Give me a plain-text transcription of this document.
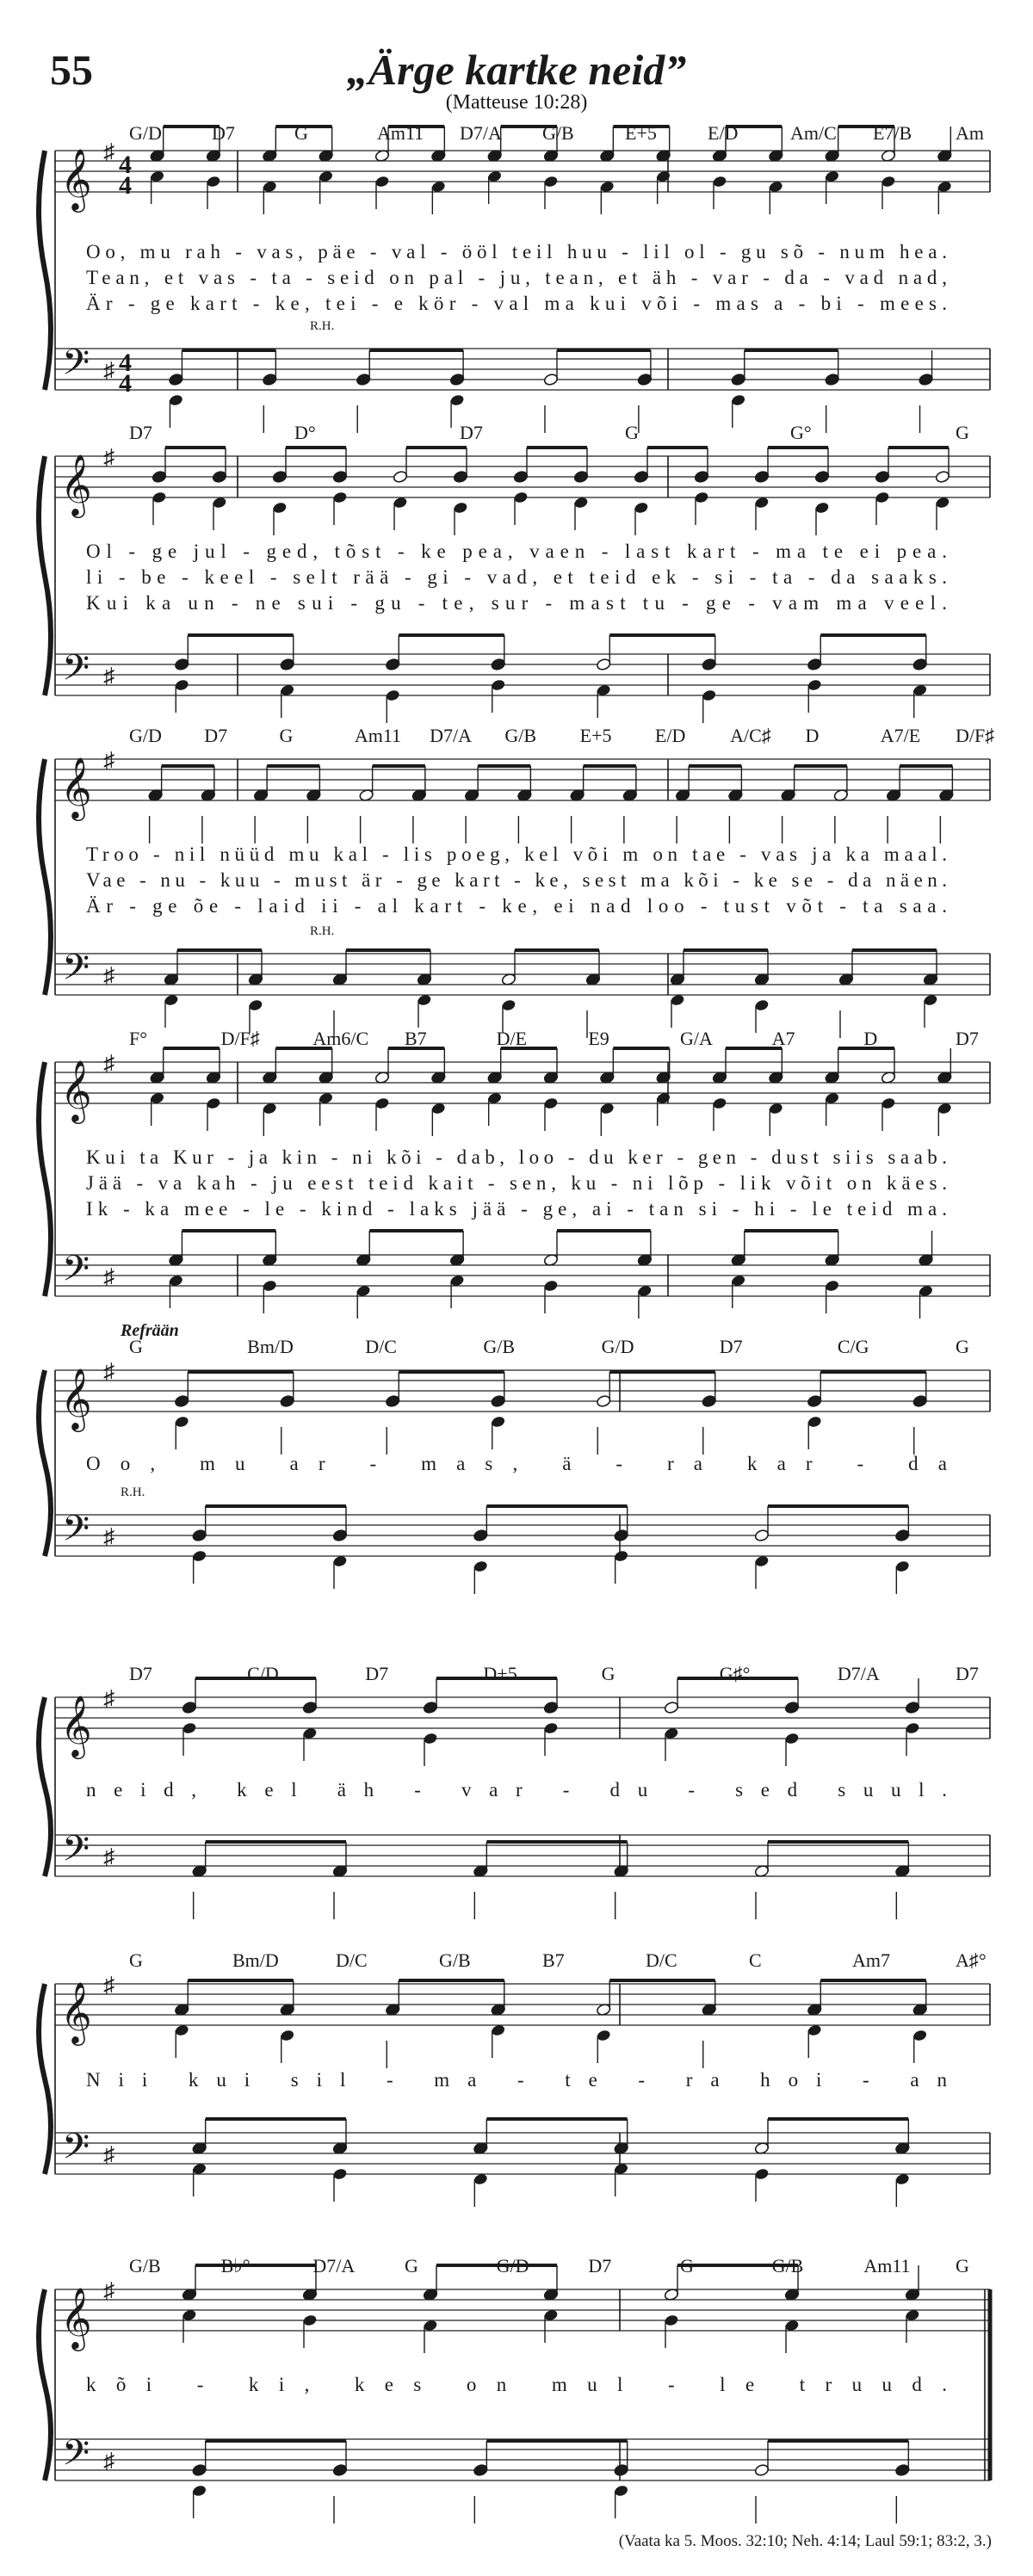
55	„Ärge kartke neid”
(Matteuse 10:28)
𝄞
𝄢
♯
♯
4
4
4
4
G/D	D7	G	Am11 D7/A G/B	E+5	E/D	Am/C E7/B Am
R.H.
Oo, mu rah - vas, päe - val - ööl teil huu - lil ol - gu sõ - num hea.
Tean, et vas - ta - seid on pal - ju, tean, et äh - var - da - vad nad,
Är - ge kart - ke, tei - e kör - val ma kui või - mas a - bi - mees.
𝄞
𝄢
♯
♯
D7	D°	D7	G	G°	G
Ol - ge jul - ged, tõst - ke pea, vaen - last kart - ma te ei pea.
li - be - keel - selt rää - gi - vad, et teid ek - si - ta - da saaks.
Kui ka un - ne sui - gu - te, sur - mast tu - ge - vam ma veel.
𝄞
𝄢
♯
♯
G/D D7	G	Am11 D7/A G/B E+5 E/D A/C♯ D	A7/E D/F♯
R.H.
Troo - nil nüüd mu kal - lis poeg, kel või m on tae - vas ja ka maal.
Vae - nu - kuu - must är - ge kart - ke, sest ma kõi - ke se - da näen.
Är - ge õe - laid ii - al kart - ke, ei nad loo - tust võt - ta saa.
𝄞
𝄢
♯
♯
F°	D/F♯	Am6/C B7	D/E	E9	G/A	A7	D	D7
Kui ta Kur - ja kin - ni kõi - dab, loo - du ker - gen - dust siis saab.
Jää - va kah - ju eest teid kait - sen, ku - ni lõp - lik võit on käes.
Ik - ka mee - le - kind - laks jää - ge, ai - tan si - hi - le teid ma.
Refrään
𝄞
𝄢
♯
♯
G	Bm/D	D/C	G/B	G/D	D7	C/G	G
R.H.
Oo, mu ar - mas, ä - ra kar - da
𝄞
𝄢
♯
♯
D7	C/D	D7	D+5	G	G♯°	D7/A	D7
neid, kel äh - var - du - sed suul.
𝄞
𝄢
♯
♯
G	Bm/D	D/C	G/B	B7	D/C	C	Am7	A♯°
Nii kui sil - ma - te - ra hoi - an
𝄞
𝄢
♯
♯
G/B	B♭°	D7/A	G	G/D	D7	G	G/B	Am11 G
kõi - ki, kes on mul - le truud.
(Vaata ka 5. Moos. 32:10; Neh. 4:14; Laul 59:1; 83:2, 3.)
